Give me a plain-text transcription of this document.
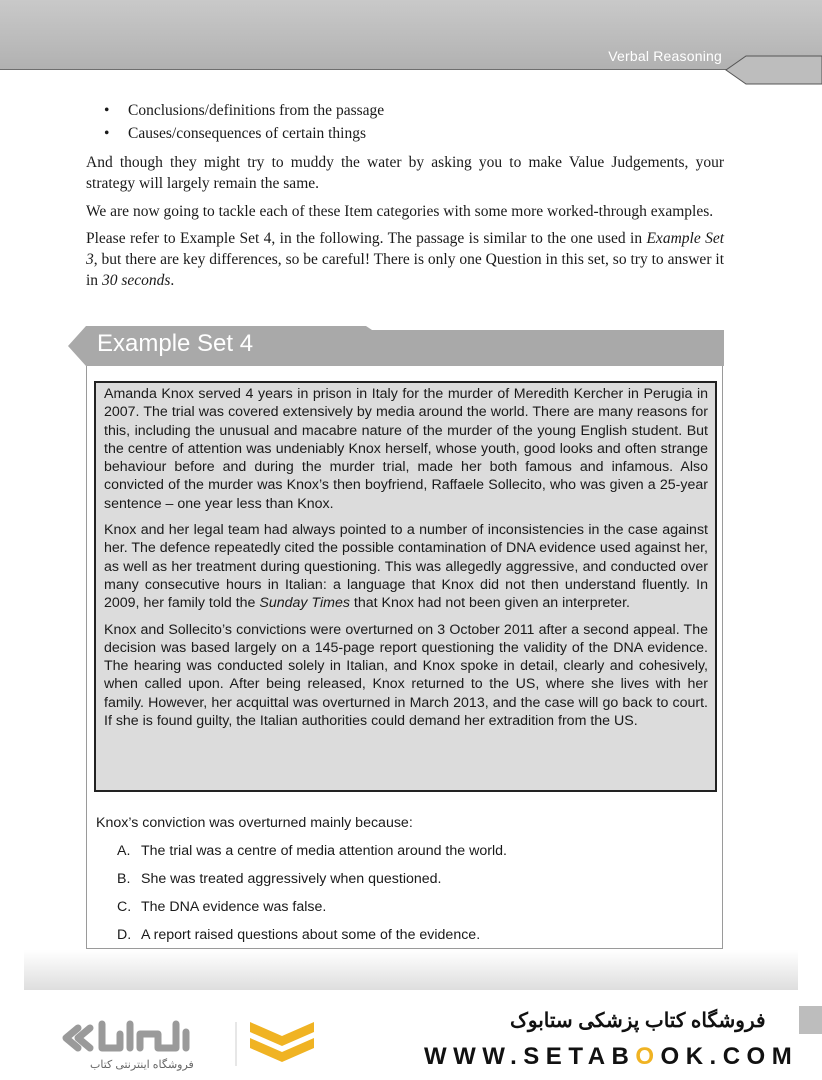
Verbal Reasoning
• Conclusions/definitions from the passage
• Causes/consequences of certain things

And though they might try to muddy the water by asking you to make Value Judgements, your strategy will largely remain the same.

We are now going to tackle each of these Item categories with some more worked-through examples.

Please refer to Example Set 4, in the following. The passage is similar to the one used in Example Set 3, but there are key differences, so be careful! There is only one Question in this set, so try to answer it in 30 seconds.

Example Set 4

Amanda Knox served 4 years in prison in Italy for the murder of Meredith Kercher in Perugia in 2007. The trial was covered extensively by media around the world. There are many reasons for this, including the unusual and macabre nature of the murder of the young English student. But the centre of attention was undeniably Knox herself, whose youth, good looks and often strange behaviour before and during the murder trial, made her both famous and infamous. Also convicted of the murder was Knox’s then boyfriend, Raffaele Sollecito, who was given a 25-year sentence – one year less than Knox.

Knox and her legal team had always pointed to a number of inconsistencies in the case against her. The defence repeatedly cited the possible contamination of DNA evidence used against her, as well as her treatment during questioning. This was allegedly aggressive, and conducted over many consecutive hours in Italian: a language that Knox did not then understand fluently. In 2009, her family told the Sunday Times that Knox had not been given an interpreter.

Knox and Sollecito’s convictions were overturned on 3 October 2011 after a second appeal. The decision was based largely on a 145-page report questioning the validity of the DNA evidence. The hearing was conducted solely in Italian, and Knox spoke in detail, clearly and cohesively, when called upon. After being released, Knox returned to the US, where she lives with her family. However, her acquittal was overturned in March 2013, and the case will go back to court. If she is found guilty, the Italian authorities could demand her extradition from the US.

Knox’s conviction was overturned mainly because:
A. The trial was a centre of media attention around the world.
B. She was treated aggressively when questioned.
C. The DNA evidence was false.
D. A report raised questions about some of the evidence.
فروشگاه اینترنتی کتاب
فروشگاه کتاب پزشکی ستابوک
WWW.SETABOOK.COM
